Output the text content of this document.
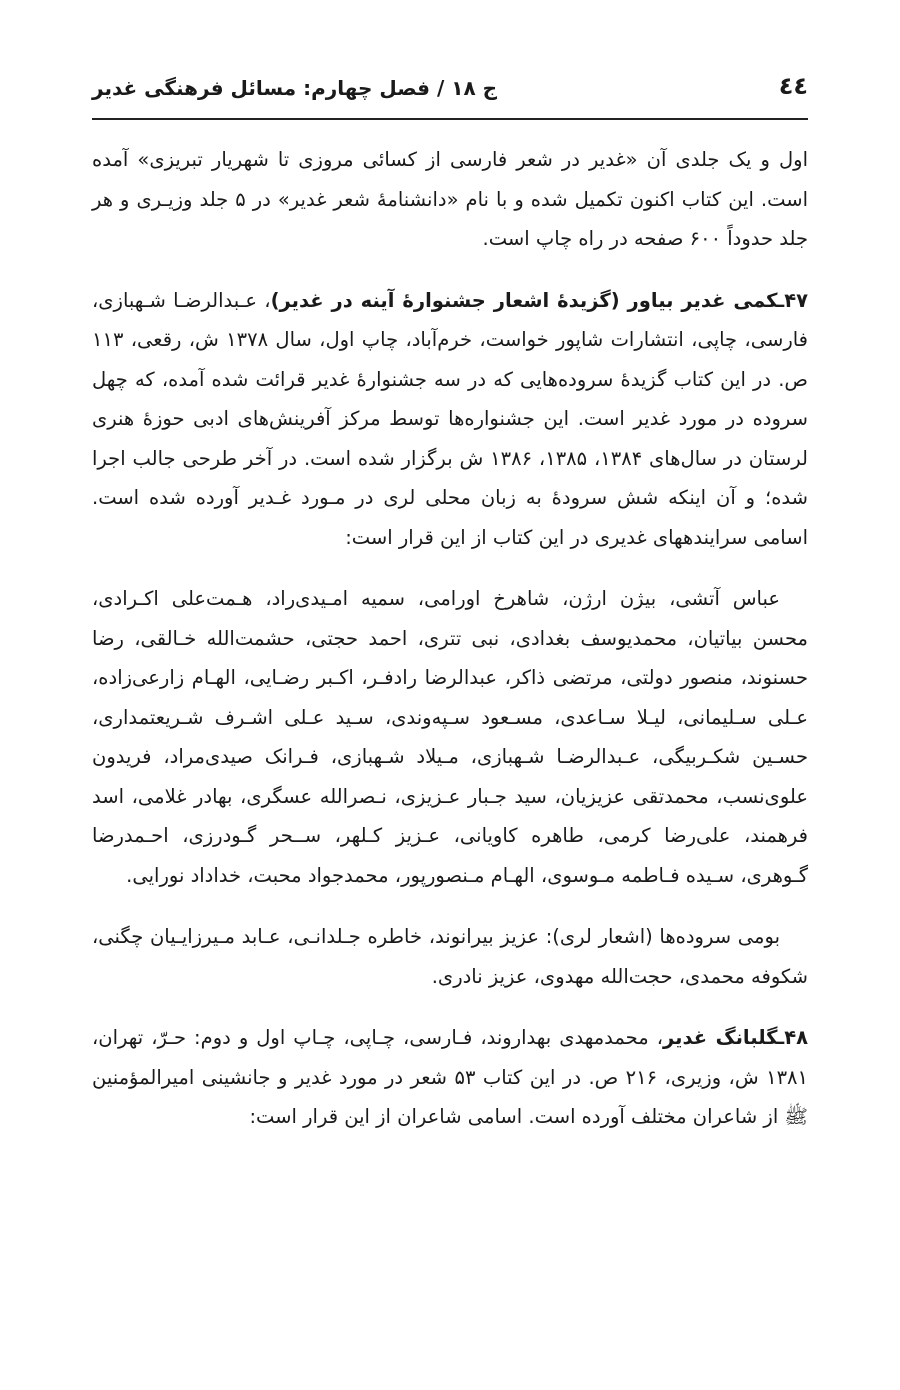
٤٤
ج ۱۸ / فصل چهارم: مسائل فرهنگی غدیر

اول و یک جلدی آن «غدیر در شعر فارسی از کسائی مروزی تا شهریار تبریزی» آمده است. این کتاب اکنون تکمیل شده و با نام «دانشنامهٔ شعر غدیر» در ۵ جلد وزیـری و هر جلد حدوداً ۶۰۰ صفحه در راه چاپ است.

۴۷ـکمی غدیر بیاور (گزیدهٔ اشعار جشنوارهٔ آینه در غدیر)، عـبدالرضـا شـهبازی، فارسی، چاپی، انتشارات شاپور خواست، خرم‌آباد، چاپ اول، سال ۱۳۷۸ ش، رقعی، ۱۱۳ ص. در این کتاب گزیدهٔ سروده‌هایی که در سه جشنوارهٔ غدیر قرائت شده آمده، که چهل سروده در مورد غدیر است. این جشنواره‌ها توسط مرکز آفرینش‌های ادبی حوزهٔ هنری لرستان در سال‌های ۱۳۸۴، ۱۳۸۵، ۱۳۸۶ ش برگزار شده است. در آخر طرحی جالب اجرا شده؛ و آن اینکه شش سرودهٔ به زبان محلی لری در مـورد غـدیر آورده شده است. اسامی سرایندههای غدیری در این کتاب از این قرار است:

عباس آتشی، بیژن ارژن، شاهرخ اورامی، سمیه امـیدی‌راد، هـمت‌علی اکـرادی، محسن بیاتیان، محمدیوسف بغدادی، نبی تتری، احمد حجتی، حشمت‌الله خـالقی، رضا حسنوند، منصور دولتی، مرتضی ذاکر، عبدالرضا رادفـر، اکـبر رضـایی، الهـام زارعی‌زاده، عـلی سـلیمانی، لیـلا سـاعدی، مسـعود سـپه‌وندی، سـید عـلی اشـرف شـریعتمداری، حسـین شکـربیگی، عـبدالرضـا شـهبازی، مـیلاد شـهبازی، فـرانک صیدی‌مراد، فریدون علوی‌نسب، محمدتقی عزیزیان، سید جـبار عـزیزی، نـصرالله عسگری، بهادر غلامی، اسد فرهمند، علی‌رضا کرمی، طاهره کاویانی، عـزیز کـلهر، ســحر گـودرزی، احـمدرضا گـوهری، سـیده فـاطمه مـوسوی، الهـام مـنصورپور، محمدجواد محبت، خداداد نورایی.

بومی سروده‌ها (اشعار لری): عزیز بیرانوند، خاطره جـلدانـی، عـابد مـیرزایـیان چگنی، شکوفه محمدی، حجت‌الله مهدوی، عزیز نادری.

۴۸ـگلبانگ غدیر، محمدمهدی بهداروند، فـارسی، چـاپی، چـاپ اول و دوم: حـرّ، تهران، ۱۳۸۱ ش، وزیری، ۲۱۶ ص. در این کتاب ۵۳ شعر در مورد غدیر و جانشینی امیرالمؤمنین ﷺ از شاعران مختلف آورده است. اسامی شاعران از این قرار است:
